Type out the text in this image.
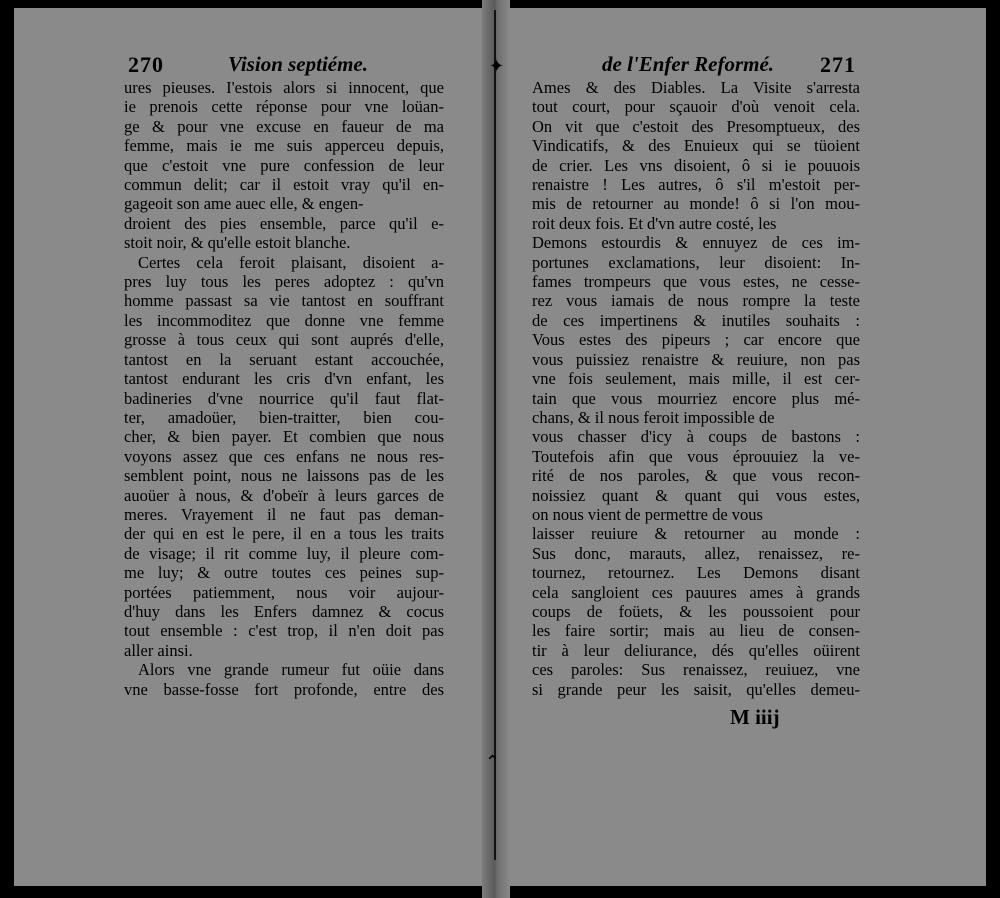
✦
⌃
270	Vision septiéme.
ures pieuses. I'estois alors si innocent, que
ie prenois cette réponse pour vne loüan-
ge & pour vne excuse en faueur de ma
femme, mais ie me suis apperceu depuis,
que c'estoit vne pure confession de leur
commun delit; car il estoit vray qu'il en-
gageoit son ame auec elle, & engen-
droient des pies ensemble, parce qu'il e-
stoit noir, & qu'elle estoit blanche.
Certes cela feroit plaisant, disoient a-
pres luy tous les peres adoptez : qu'vn
homme passast sa vie tantost en souffrant
les incommoditez que donne vne femme
grosse à tous ceux qui sont auprés d'elle,
tantost en la seruant estant accouchée,
tantost endurant les cris d'vn enfant, les
badineries d'vne nourrice qu'il faut flat-
ter, amadoüer, bien-traitter, bien cou-
cher, & bien payer. Et combien que nous
voyons assez que ces enfans ne nous res-
semblent point, nous ne laissons pas de les
auoüer à nous, & d'obeïr à leurs garces de
meres. Vrayement il ne faut pas deman-
der qui en est le pere, il en a tous les traits
de visage; il rit comme luy, il pleure com-
me luy; & outre toutes ces peines sup-
portées patiemment, nous voir aujour-
d'huy dans les Enfers damnez & cocus
tout ensemble : c'est trop, il n'en doit pas
aller ainsi.
Alors vne grande rumeur fut oüie dans
vne basse-fosse fort profonde, entre des
de l'Enfer Reformé. 271
Ames & des Diables. La Visite s'arresta
tout court, pour sçauoir d'où venoit cela.
On vit que c'estoit des Presomptueux, des
Vindicatifs, & des Enuieux qui se tüoient
de crier. Les vns disoient, ô si ie pouuois
renaistre ! Les autres, ô s'il m'estoit per-
mis de retourner au monde! ô si l'on mou-
roit deux fois. Et d'vn autre costé, les
Demons estourdis & ennuyez de ces im-
portunes exclamations, leur disoient: In-
fames trompeurs que vous estes, ne cesse-
rez vous iamais de nous rompre la teste
de ces impertinens & inutiles souhaits :
Vous estes des pipeurs ; car encore que
vous puissiez renaistre & reuiure, non pas
vne fois seulement, mais mille, il est cer-
tain que vous mourriez encore plus mé-
chans, & il nous feroit impossible de
vous chasser d'icy à coups de bastons :
Toutefois afin que vous éprouuiez la ve-
rité de nos paroles, & que vous recon-
noissiez quant & quant qui vous estes,
on nous vient de permettre de vous
laisser reuiure & retourner au monde :
Sus donc, marauts, allez, renaissez, re-
tournez, retournez. Les Demons disant
cela sangloient ces pauures ames à grands
coups de foüets, & les poussoient pour
les faire sortir; mais au lieu de consen-
tir à leur deliurance, dés qu'elles oüirent
ces paroles: Sus renaissez, reuiuez, vne
si grande peur les saisit, qu'elles demeu-
M iiij
